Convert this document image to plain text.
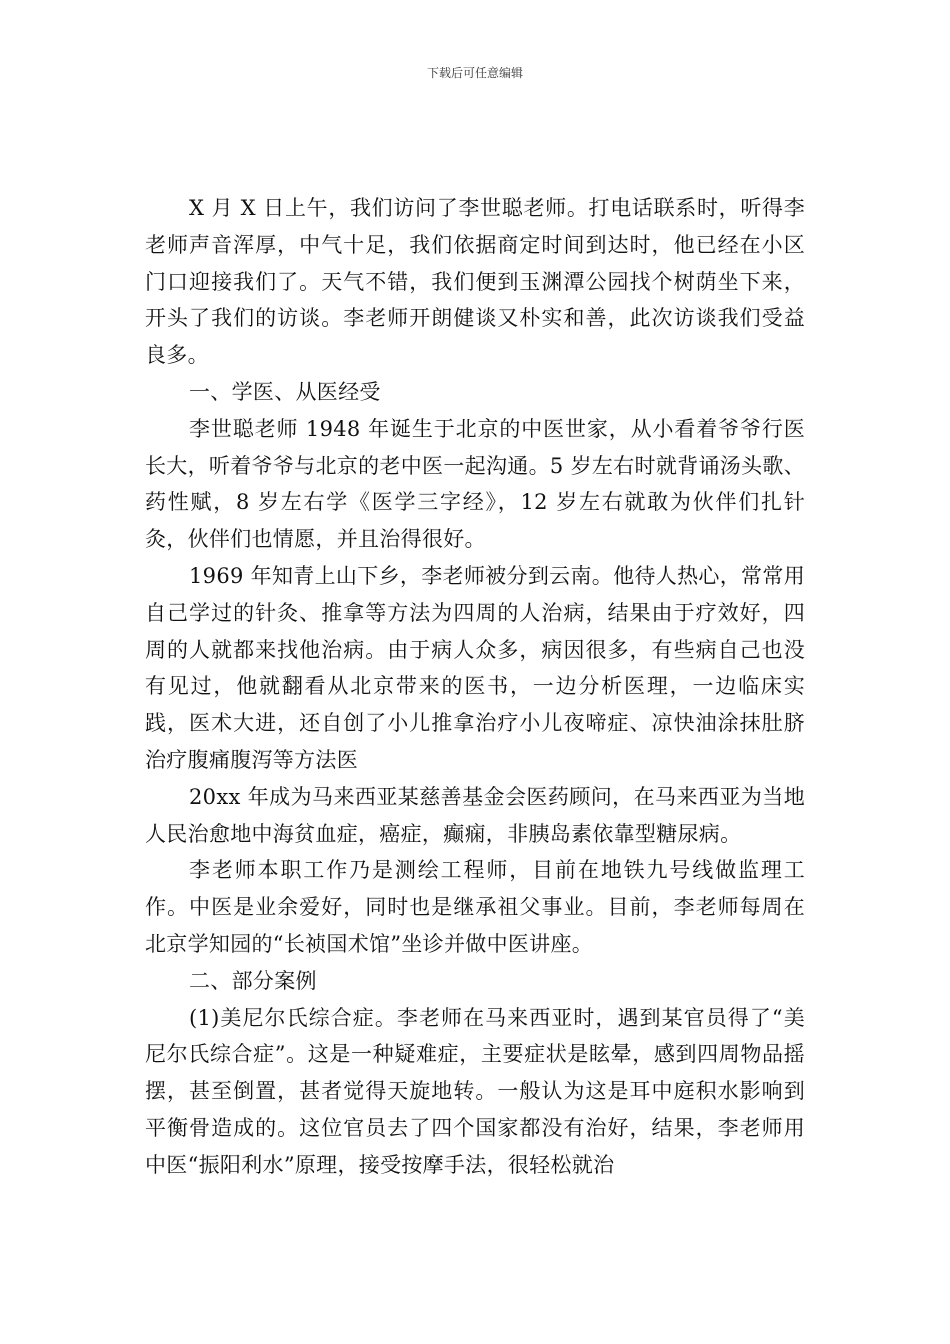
下载后可任意编辑

X 月 X 日上午，我们访问了李世聪老师。打电话联系时，听得李老师声音浑厚，中气十足，我们依据商定时间到达时，他已经在小区门口迎接我们了。天气不错，我们便到玉渊潭公园找个树荫坐下来，开头了我们的访谈。李老师开朗健谈又朴实和善，此次访谈我们受益良多。

一、学医、从医经受

李世聪老师 1948 年诞生于北京的中医世家，从小看着爷爷行医长大，听着爷爷与北京的老中医一起沟通。5 岁左右时就背诵汤头歌、药性赋，8 岁左右学《医学三字经》，12 岁左右就敢为伙伴们扎针灸，伙伴们也情愿，并且治得很好。

1969 年知青上山下乡，李老师被分到云南。他待人热心，常常用自己学过的针灸、推拿等方法为四周的人治病，结果由于疗效好，四周的人就都来找他治病。由于病人众多，病因很多，有些病自己也没有见过，他就翻看从北京带来的医书，一边分析医理，一边临床实践，医术大进，还自创了小儿推拿治疗小儿夜啼症、凉快油涂抹肚脐治疗腹痛腹泻等方法医

20xx 年成为马来西亚某慈善基金会医药顾问，在马来西亚为当地人民治愈地中海贫血症，癌症，癫痫，非胰岛素依靠型糖尿病。

李老师本职工作乃是测绘工程师，目前在地铁九号线做监理工作。中医是业余爱好，同时也是继承祖父事业。目前，李老师每周在北京学知园的“长祯国术馆”坐诊并做中医讲座。

二、部分案例

(1)美尼尔氏综合症。李老师在马来西亚时，遇到某官员得了“美尼尔氏综合症”。这是一种疑难症，主要症状是眩晕，感到四周物品摇摆，甚至倒置，甚者觉得天旋地转。一般认为这是耳中庭积水影响到平衡骨造成的。这位官员去了四个国家都没有治好，结果，李老师用中医“振阳利水”原理，接受按摩手法，很轻松就治
